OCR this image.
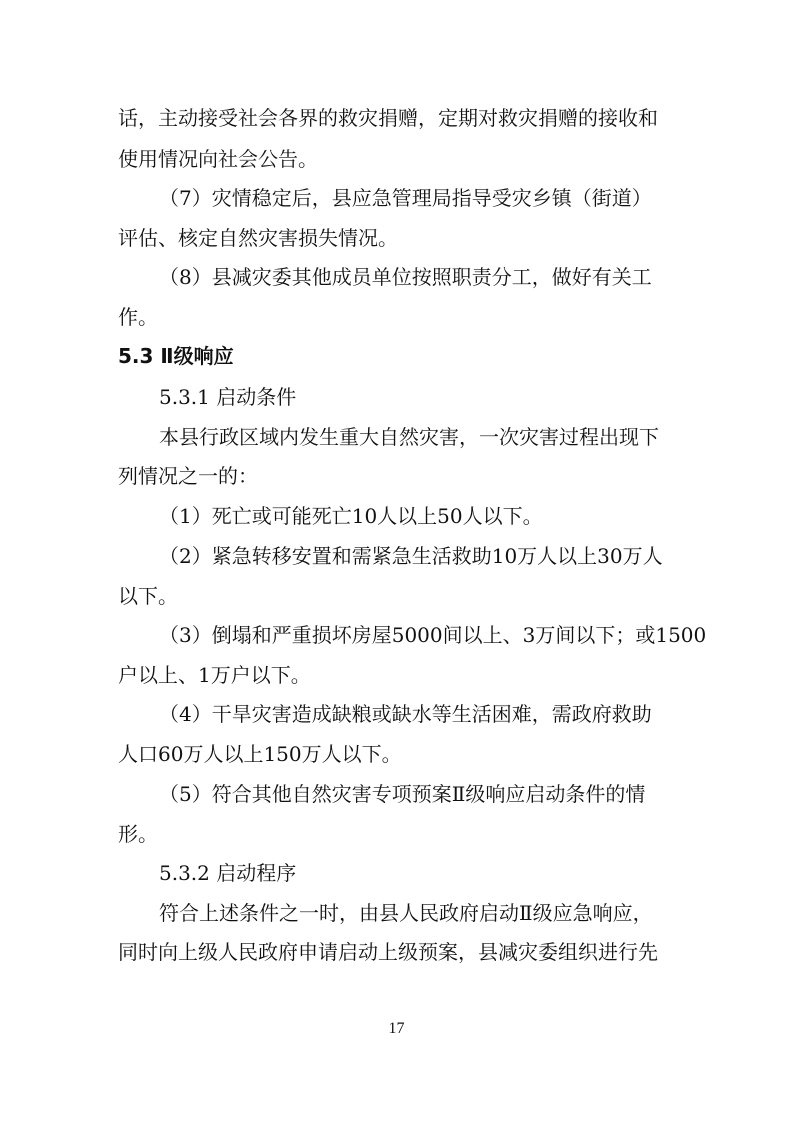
话，主动接受社会各界的救灾捐赠，定期对救灾捐赠的接收和
使用情况向社会公告。
（7）灾情稳定后，县应急管理局指导受灾乡镇（街道）
评估、核定自然灾害损失情况。
（8）县减灾委其他成员单位按照职责分工，做好有关工
作。
5.3 Ⅱ级响应
5.3.1 启动条件
本县行政区域内发生重大自然灾害，一次灾害过程出现下
列情况之一的：
（1）死亡或可能死亡10人以上50人以下。
（2）紧急转移安置和需紧急生活救助10万人以上30万人
以下。
（3）倒塌和严重损坏房屋5000间以上、3万间以下；或1500
户以上、1万户以下。
（4）干旱灾害造成缺粮或缺水等生活困难，需政府救助
人口60万人以上150万人以下。
（5）符合其他自然灾害专项预案Ⅱ级响应启动条件的情
形。
5.3.2 启动程序
符合上述条件之一时，由县人民政府启动Ⅱ级应急响应，
同时向上级人民政府申请启动上级预案，县减灾委组织进行先
17
